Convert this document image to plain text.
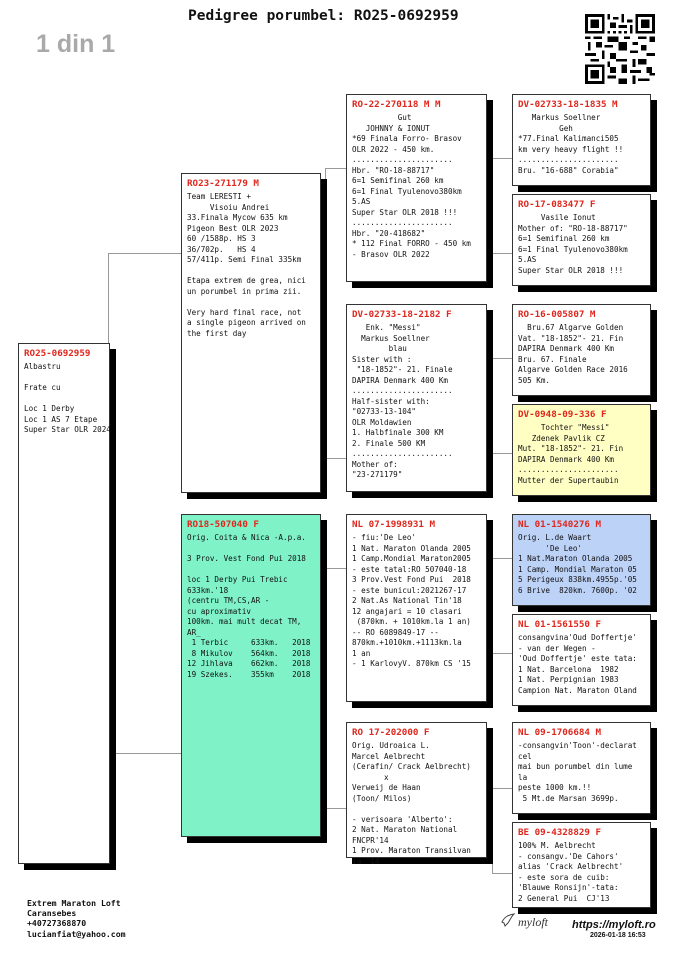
1 din 1
Pedigree porumbel: RO25-0692959
RO25-0692959
Albastru

Frate cu

Loc 1 Derby
Loc 1 AS 7 Etape
Super Star OLR 2024
RO23-271179 M
Team LERESTI +
Visoiu Andrei
33.Finala Mycow 635 km
Pigeon Best OLR 2023
60 /1588p. HS 3
36/702p.   HS 4
57/411p. Semi Final 335km

Etapa extrem de grea, nici
un porumbel in prima zii.

Very hard final race, not
a single pigeon arrived on
the first day
RO18-507040 F
Orig. Coita & Nica -A.p.a.

3 Prov. Vest Fond Pui 2018

loc 1 Derby Pui Trebic
633km.'18
(centru TM,CS,AR -
cu aproximativ
100km. mai mult decat TM,
AR_
1 Terbic     633km.   2018
8 Mikulov    564km.   2018
12 Jihlava    662km.   2018
19 Szekes.    355km    2018
RO-22-270118 M M
Gut
JOHNNY & IONUT
*69 Finala Forro- Brasov
OLR 2022 - 450 km.
......................
Hbr. "RO-18-88717"
6=1 Semifinal 260 km
6=1 Final Tyulenovo380km
5.AS
Super Star OLR 2018 !!!
......................
Hbr. "20-418682"
* 112 Final FORRO - 450 km
- Brasov OLR 2022
DV-02733-18-2182 F
Enk. "Messi"
Markus Soellner
blau
Sister with :
"18-1852"- 21. Finale
DAPIRA Denmark 400 Km
......................
Half-sister with:
"02733-13-104"
OLR Moldawien
1. Halbfinale 300 KM
2. Finale 500 KM
......................
Mother of:
"23-271179"
NL 07-1998931 M
- fiu:'De Leo'
1 Nat. Maraton Olanda 2005
1 Camp.Mondial Maraton2005
- este tatal:RO 507040-18
3 Prov.Vest Fond Pui  2018
- este bunicul:2021267-17
2 Nat.As National Tin'18
12 angajari = 10 clasari
(870km. + 1010km.la 1 an)
-- RO 6089849-17 --
870km.+1010km.+1113km.la
1 an
- 1 KarlovyV. 870km CS '15
RO 17-202000 F
Orig. Udroaica L.
Marcel Aelbrecht
(Cerafin/ Crack Aelbrecht)
x
Verweij de Haan
(Toon/ Milos)

- verisoara 'Alberto':
2 Nat. Maraton National
FNCPR'14
1 Prov. Maraton Transilvan
ia '14
DV-02733-18-1835 M
Markus Soellner
Geh
*77.Final Kalimanci505
km very heavy flight !!
......................
Bru. "16-688" Corabia"
RO-17-083477 F
Vasile Ionut
Mother of: "RO-18-88717"
6=1 Semifinal 260 km
6=1 Final Tyulenovo380km
5.AS
Super Star OLR 2018 !!!
RO-16-005807 M
Bru.67 Algarve Golden
Vat. "18-1852"- 21. Fin
DAPIRA Denmark 400 Km
Bru. 67. Finale
Algarve Golden Race 2016
505 Km.
DV-0948-09-336 F
Tochter "Messi"
Zdenek Pavlik CZ
Mut. "18-1852"- 21. Fin
DAPIRA Denmark 400 Km
......................
Mutter der Supertaubin
NL 01-1540276 M
Orig. L.de Waart
'De Leo'
1 Nat.Maraton Olanda 2005
1 Camp. Mondial Maraton 05
5 Perigeux 838km.4955p.'05
6 Brive  820km. 7600p. '02
NL 01-1561550 F
consangvina'Oud Doffertje'
- van der Wegen -
'Oud Doffertje' este tata:
1 Nat. Barcelona  1982
1 Nat. Perpignian 1983
Campion Nat. Maraton Oland
NL 09-1706684 M
-consangvin'Toon'-declarat
cel
mai bun porumbel din lume
la
peste 1000 km.!!
5 Mt.de Marsan 3699p.
BE 09-4328829 F
100% M. Aelbrecht
- consangv.'De Cahors'
alias 'Crack Aelbrecht'
- este sora de cuib:
'Blauwe Ronsijn'-tata:
2 General Pui  CJ'13
Extrem Maraton Loft
Caransebes
+40727368870
lucianfiat@yahoo.com
myloft https://myloft.ro
2026-01-18 16:53
